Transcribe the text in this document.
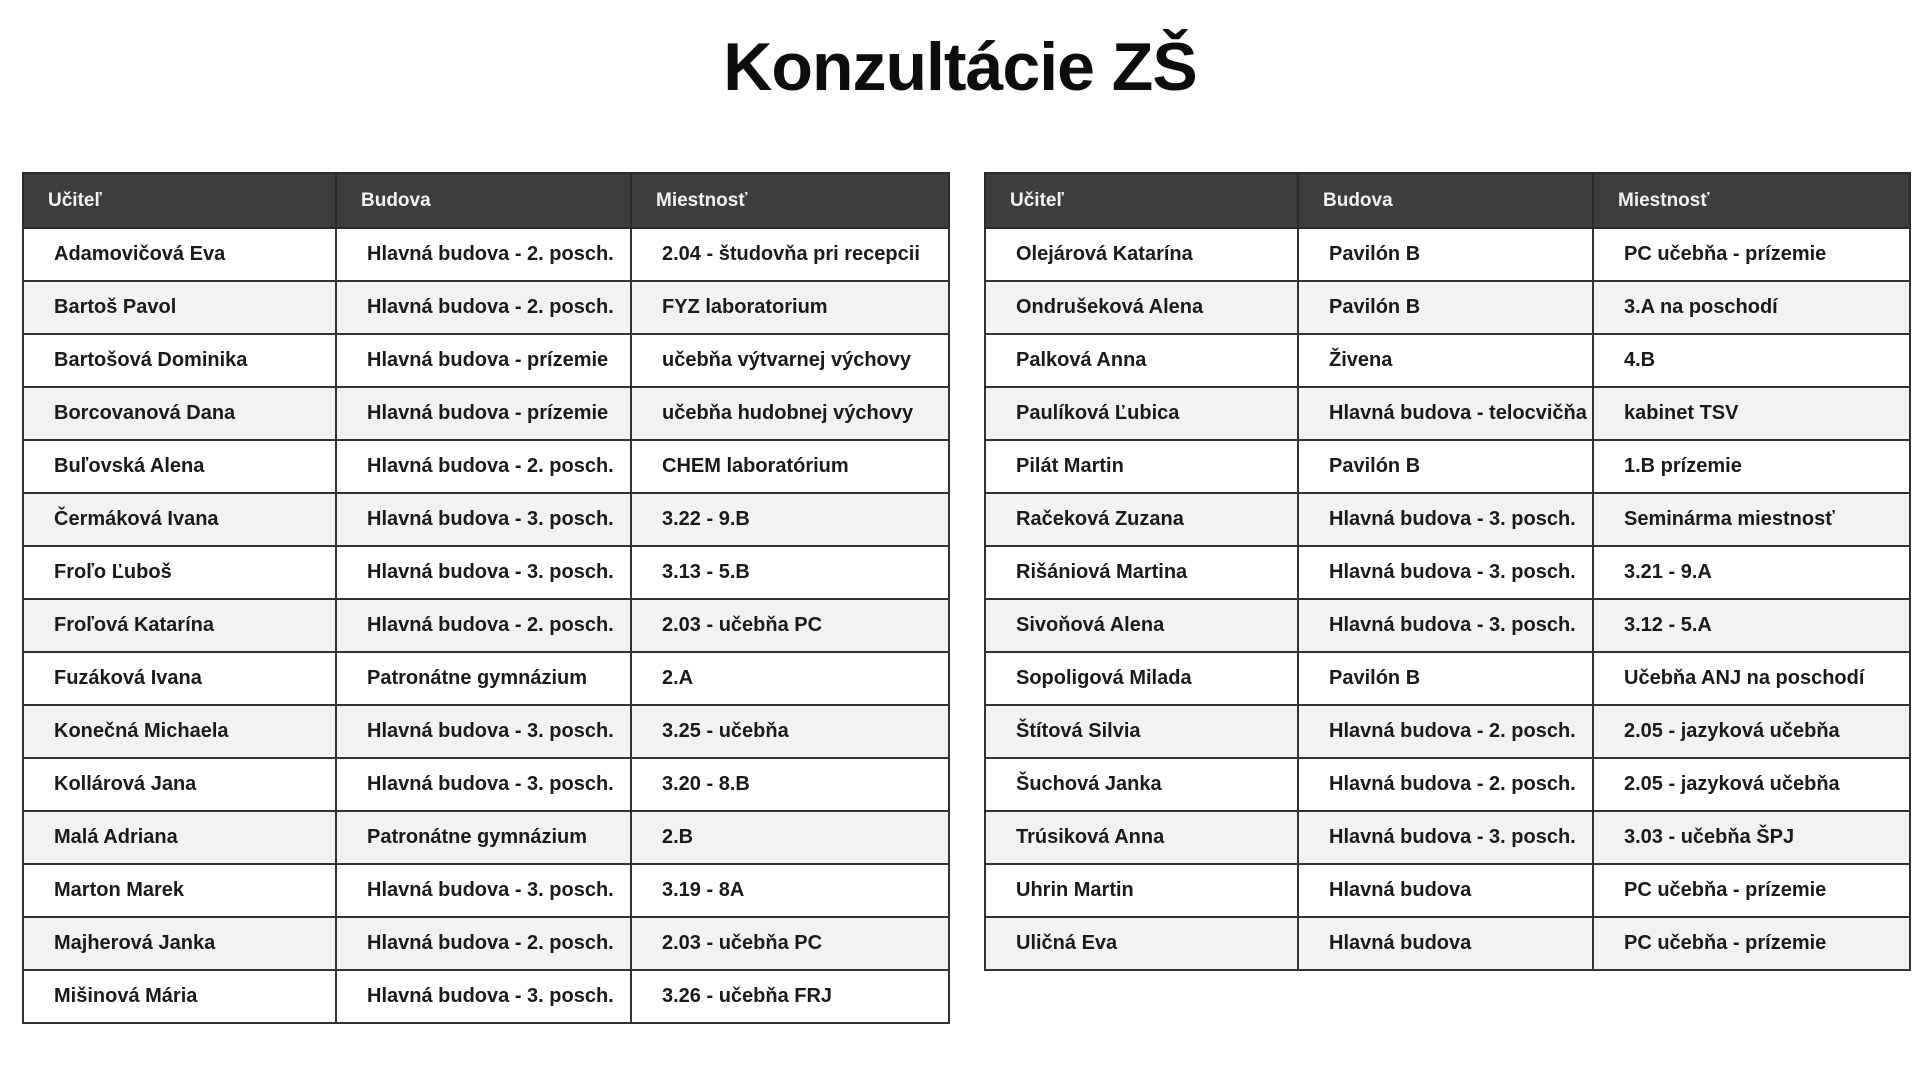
Konzultácie ZŠ
Učiteľ	Budova	Miestnosť
Adamovičová Eva	Hlavná budova - 2. posch.	2.04 - študovňa pri recepcii
Bartoš Pavol	Hlavná budova - 2. posch.	FYZ laboratorium
Bartošová Dominika	Hlavná budova - prízemie	učebňa výtvarnej výchovy
Borcovanová Dana	Hlavná budova - prízemie	učebňa hudobnej výchovy
Buľovská Alena	Hlavná budova - 2. posch.	CHEM laboratórium
Čermáková Ivana	Hlavná budova - 3. posch.	3.22 - 9.B
Froľo Ľuboš	Hlavná budova - 3. posch.	3.13 - 5.B
Froľová Katarína	Hlavná budova - 2. posch.	2.03 - učebňa PC
Fuzáková Ivana	Patronátne gymnázium	2.A
Konečná Michaela	Hlavná budova - 3. posch.	3.25 - učebňa
Kollárová Jana	Hlavná budova - 3. posch.	3.20 - 8.B
Malá Adriana	Patronátne gymnázium	2.B
Marton Marek	Hlavná budova - 3. posch.	3.19 - 8A
Majherová Janka	Hlavná budova - 2. posch.	2.03 - učebňa PC
Mišinová Mária	Hlavná budova - 3. posch.	3.26 - učebňa FRJ
Učiteľ	Budova	Miestnosť
Olejárová Katarína	Pavilón B	PC učebňa - prízemie
Ondrušeková Alena	Pavilón B	3.A na poschodí
Palková Anna	Živena	4.B
Paulíková Ľubica	Hlavná budova - telocvičňa	kabinet TSV
Pilát Martin	Pavilón B	1.B prízemie
Račeková Zuzana	Hlavná budova - 3. posch.	Seminárma miestnosť
Rišániová Martina	Hlavná budova - 3. posch.	3.21 - 9.A
Sivoňová Alena	Hlavná budova - 3. posch.	3.12 - 5.A
Sopoligová Milada	Pavilón B	Učebňa ANJ na poschodí
Štítová Silvia	Hlavná budova - 2. posch.	2.05 - jazyková učebňa
Šuchová Janka	Hlavná budova - 2. posch.	2.05 - jazyková učebňa
Trúsiková Anna	Hlavná budova - 3. posch.	3.03 - učebňa ŠPJ
Uhrin Martin	Hlavná budova	PC učebňa - prízemie
Uličná Eva	Hlavná budova	PC učebňa - prízemie
